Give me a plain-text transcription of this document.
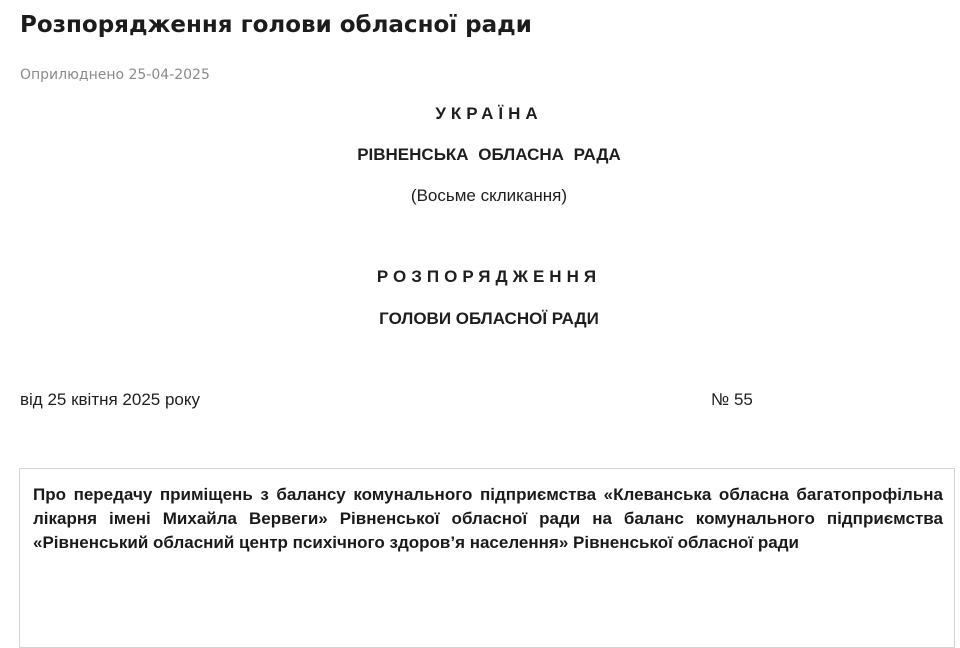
Розпорядження голови обласної ради
Оприлюднено 25-04-2025
УКРАЇНА
РІВНЕНСЬКА ОБЛАСНА РАДА
(Восьме скликання)
РОЗПОРЯДЖЕННЯ
ГОЛОВИ ОБЛАСНОЇ РАДИ
від 25 квітня 2025 року	№ 55

Про передачу приміщень з балансу комунального підприємства «Клеванська обласна багатопрофільна лікарня імені Михайла Вервеги» Рівненської обласної ради на баланс комунального підприємства «Рівненський обласний центр психічного здоров’я населення» Рівненської обласної ради
